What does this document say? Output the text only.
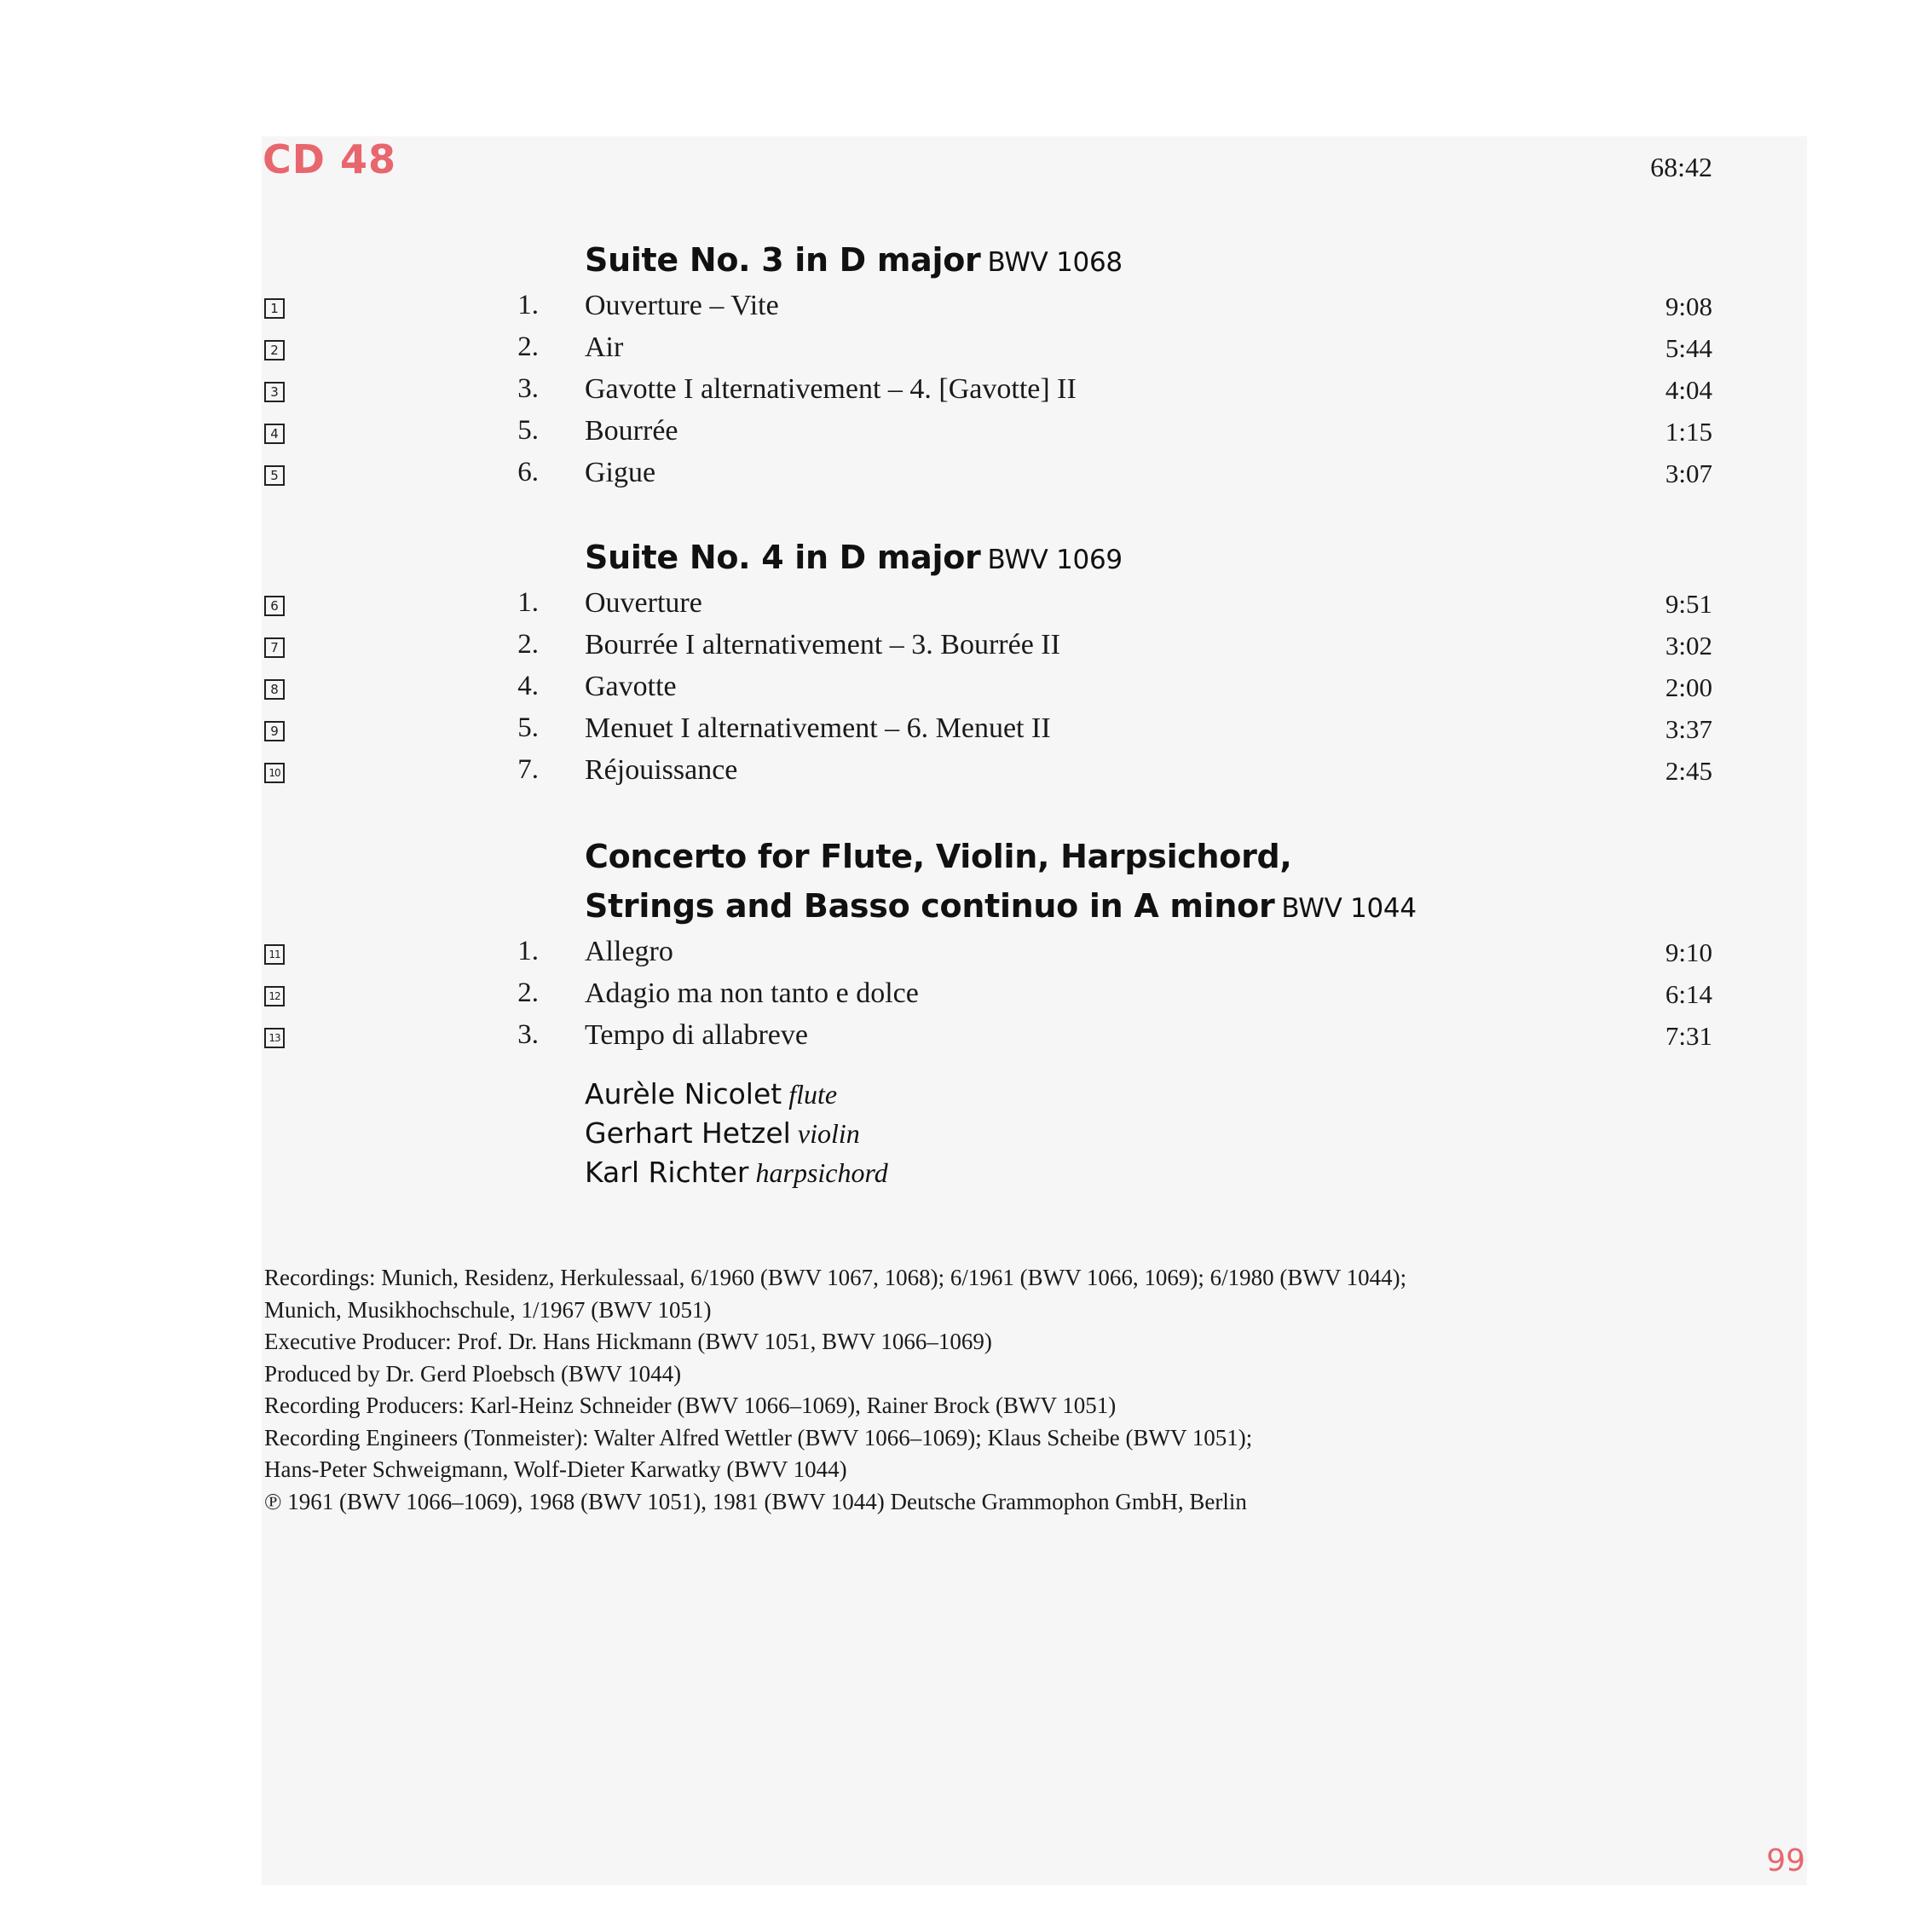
CD 48	68:42
Suite No. 3 in D major BWV 1068
1	1. Ouverture – Vite	9:08
2	2. Air	5:44
3	3. Gavotte I alternativement – 4. [Gavotte] II	4:04
4	5. Bourrée	1:15
5	6. Gigue	3:07
Suite No. 4 in D major BWV 1069
6	1. Ouverture	9:51
7	2. Bourrée I alternativement – 3. Bourrée II	3:02
8	4. Gavotte	2:00
9	5. Menuet I alternativement – 6. Menuet II	3:37
10	7. Réjouissance	2:45
Concerto for Flute, Violin, Harpsichord,
Strings and Basso continuo in A minor BWV 1044
11	1. Allegro	9:10
12	2. Adagio ma non tanto e dolce	6:14
13	3. Tempo di allabreve	7:31
Aurèle Nicolet flute
Gerhart Hetzel violin
Karl Richter harpsichord
Recordings: Munich, Residenz, Herkulessaal, 6/1960 (BWV 1067, 1068); 6/1961 (BWV 1066, 1069); 6/1980 (BWV 1044);
Munich, Musikhochschule, 1/1967 (BWV 1051)
Executive Producer: Prof. Dr. Hans Hickmann (BWV 1051, BWV 1066–1069)
Produced by Dr. Gerd Ploebsch (BWV 1044)
Recording Producers: Karl-Heinz Schneider (BWV 1066–1069), Rainer Brock (BWV 1051)
Recording Engineers (Tonmeister): Walter Alfred Wettler (BWV 1066–1069); Klaus Scheibe (BWV 1051);
Hans-Peter Schweigmann, Wolf-Dieter Karwatky (BWV 1044)
℗ 1961 (BWV 1066–1069), 1968 (BWV 1051), 1981 (BWV 1044) Deutsche Grammophon GmbH, Berlin
99
